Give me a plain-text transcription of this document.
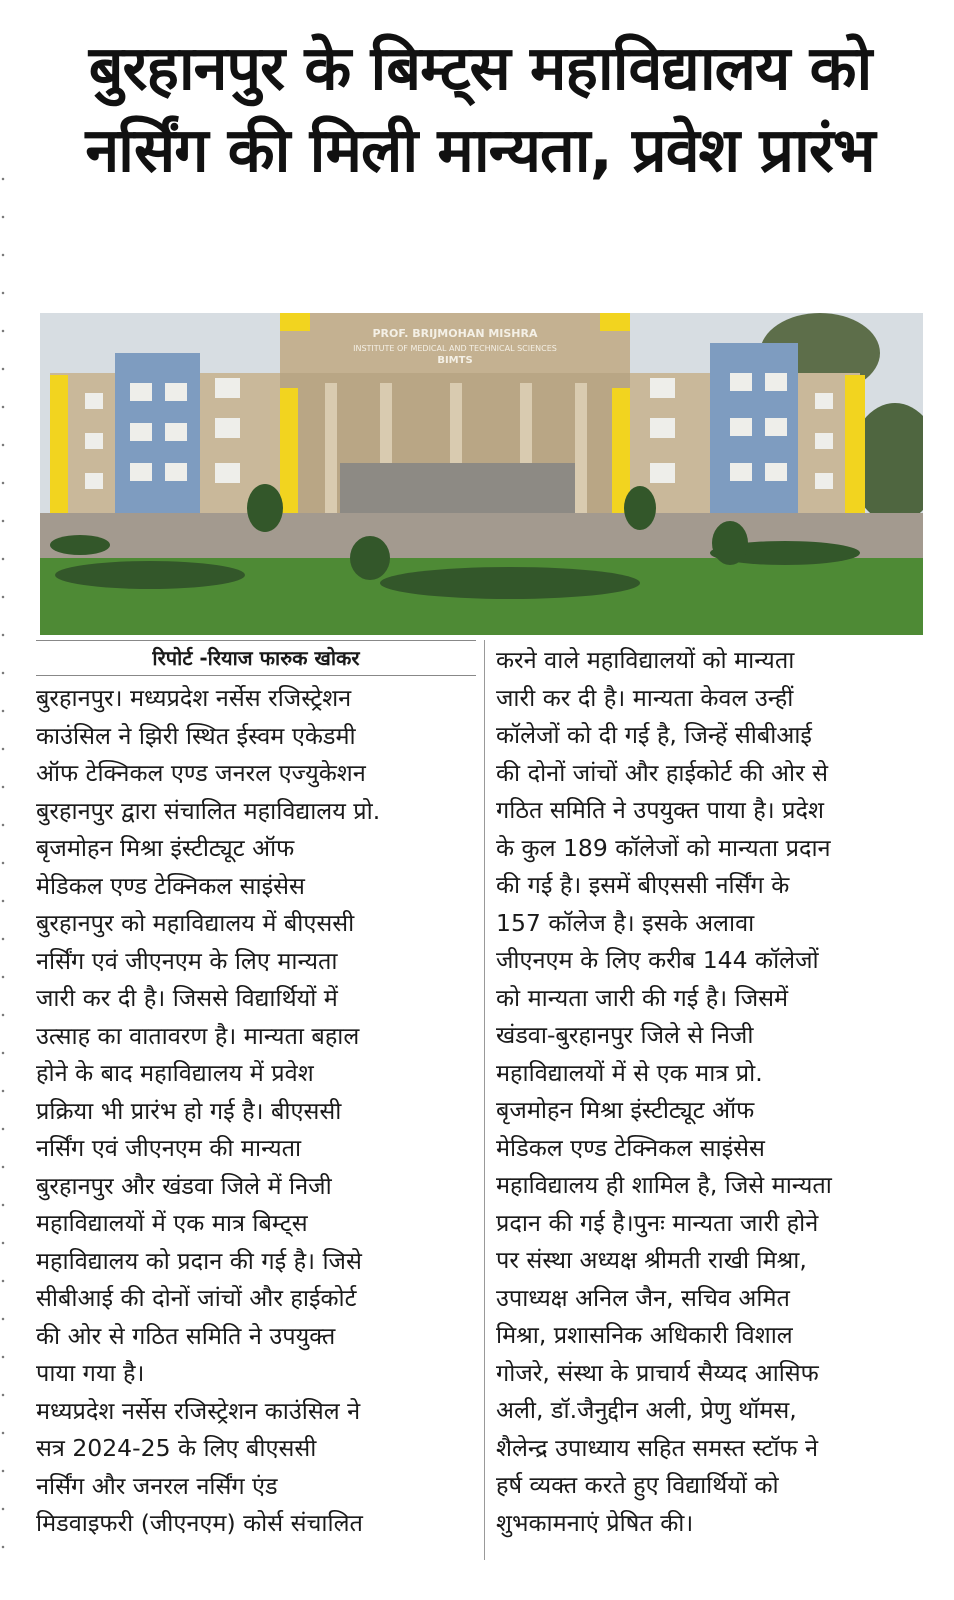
बुरहानपुर के बिम्ट्स महाविद्यालय को
नर्सिंग की मिली मान्यता, प्रवेश प्रारंभ
PROF. BRIJMOHAN MISHRA
INSTITUTE OF MEDICAL AND TECHNICAL SCIENCES
BIMTS
रिपोर्ट -रियाज फारुक खोकर
बुरहानपुर। मध्यप्रदेश नर्सेस रजिस्ट्रेशन
काउंसिल ने झिरी स्थित ईस्वम एकेडमी
ऑफ टेक्निकल एण्ड जनरल एज्युकेशन
बुरहानपुर द्वारा संचालित महाविद्यालय प्रो.
बृजमोहन मिश्रा इंस्टीट्यूट ऑफ
मेडिकल एण्ड टेक्निकल साइंसेस
बुरहानपुर को महाविद्यालय में बीएससी
नर्सिंग एवं जीएनएम के लिए मान्यता
जारी कर दी है। जिससे विद्यार्थियों में
उत्साह का वातावरण है। मान्यता बहाल
होने के बाद महाविद्यालय में प्रवेश
प्रक्रिया भी प्रारंभ हो गई है। बीएससी
नर्सिंग एवं जीएनएम की मान्यता
बुरहानपुर और खंडवा जिले में निजी
महाविद्यालयों में एक मात्र बिम्ट्स
महाविद्यालय को प्रदान की गई है। जिसे
सीबीआई की दोनों जांचों और हाईकोर्ट
की ओर से गठित समिति ने उपयुक्त
पाया गया है।
मध्यप्रदेश नर्सेस रजिस्ट्रेशन काउंसिल ने
सत्र 2024-25 के लिए बीएससी
नर्सिंग और जनरल नर्सिंग एंड
मिडवाइफरी (जीएनएम) कोर्स संचालित
करने वाले महाविद्यालयों को मान्यता
जारी कर दी है। मान्यता केवल उन्हीं
कॉलेजों को दी गई है, जिन्हें सीबीआई
की दोनों जांचों और हाईकोर्ट की ओर से
गठित समिति ने उपयुक्त पाया है। प्रदेश
के कुल 189 कॉलेजों को मान्यता प्रदान
की गई है। इसमें बीएससी नर्सिंग के
157 कॉलेज है। इसके अलावा
जीएनएम के लिए करीब 144 कॉलेजों
को मान्यता जारी की गई है। जिसमें
खंडवा-बुरहानपुर जिले से निजी
महाविद्यालयों में से एक मात्र प्रो.
बृजमोहन मिश्रा इंस्टीट्यूट ऑफ
मेडिकल एण्ड टेक्निकल साइंसेस
महाविद्यालय ही शामिल है, जिसे मान्यता
प्रदान की गई है।पुनः मान्यता जारी होने
पर संस्था अध्यक्ष श्रीमती राखी मिश्रा,
उपाध्यक्ष अनिल जैन, सचिव अमित
मिश्रा, प्रशासनिक अधिकारी विशाल
गोजरे, संस्था के प्राचार्य सैय्यद आसिफ
अली, डॉ.जैनुद्दीन अली, प्रेणु थॉमस,
शैलेन्द्र उपाध्याय सहित समस्त स्टॉफ ने
हर्ष व्यक्त करते हुए विद्यार्थियों को
शुभकामनाएं प्रेषित की।
